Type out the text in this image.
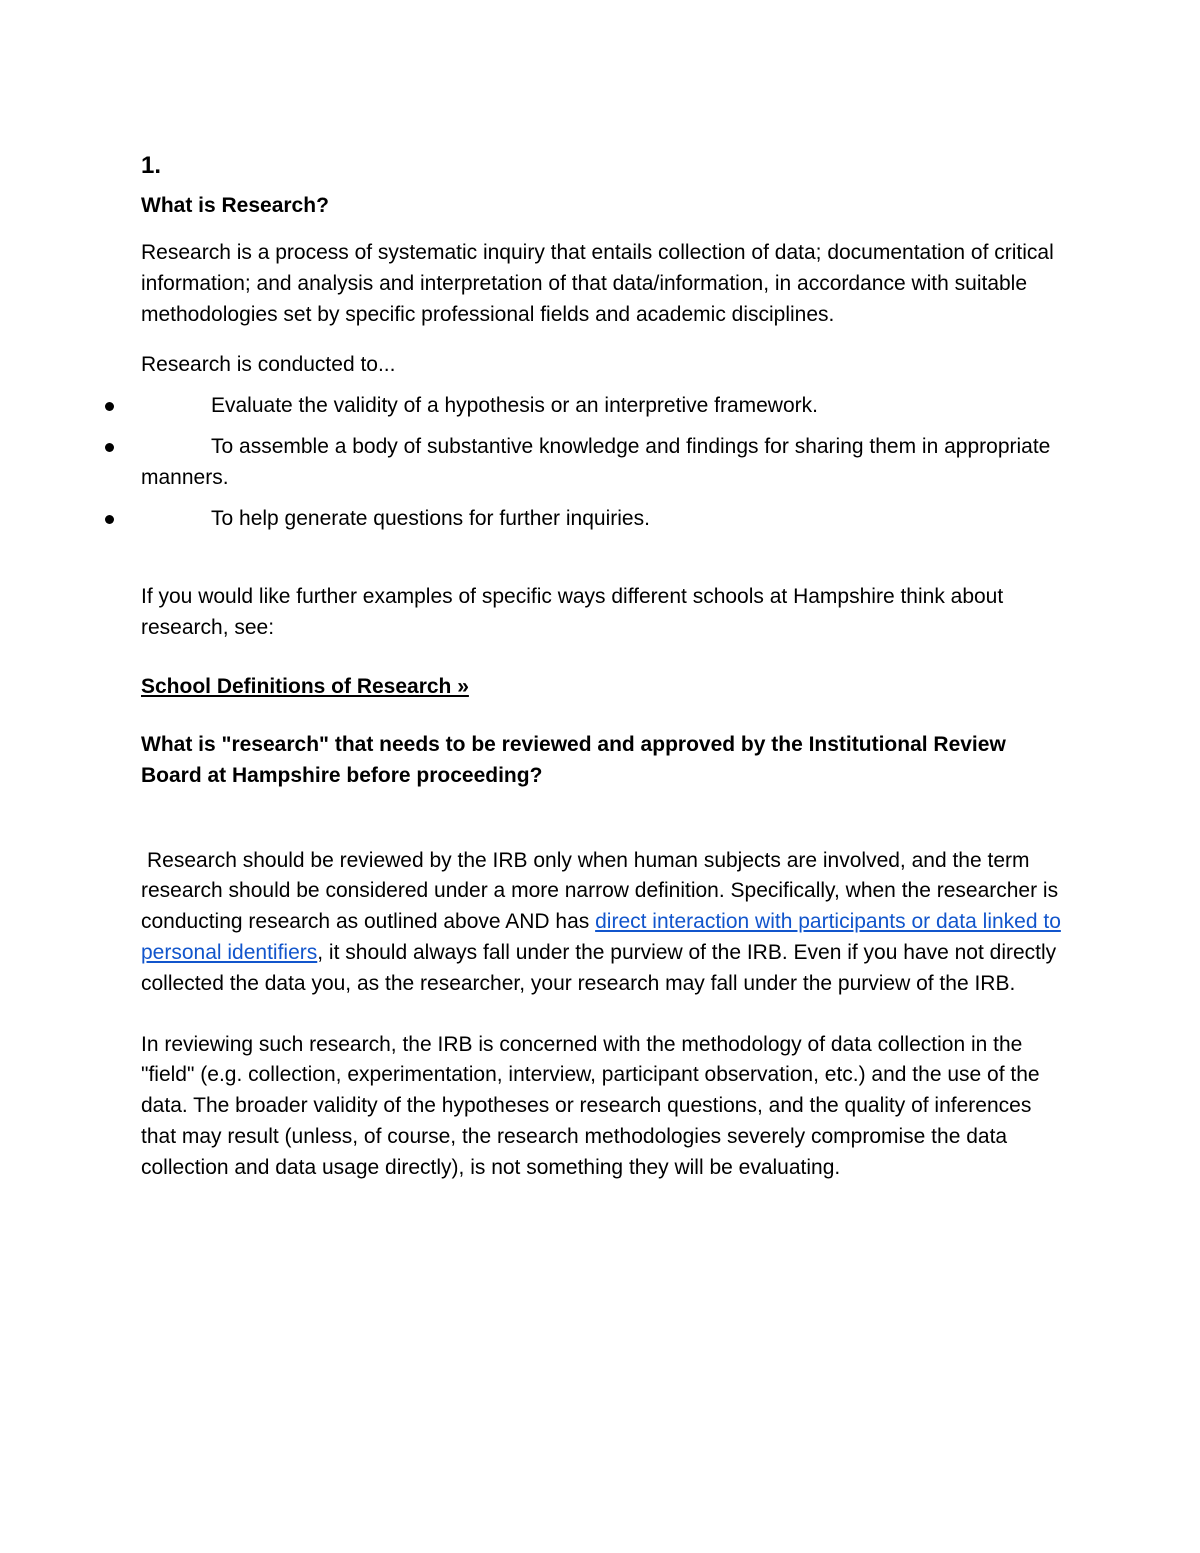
1.
What is Research?

Research is a process of systematic inquiry that entails collection of data; documentation of critical information; and analysis and interpretation of that data/information, in accordance with suitable methodologies set by specific professional fields and academic disciplines.

Research is conducted to...

Evaluate the validity of a hypothesis or an interpretive framework.
To assemble a body of substantive knowledge and findings for sharing them in appropriate manners.
To help generate questions for further inquiries.

If you would like further examples of specific ways different schools at Hampshire think about research, see:

School Definitions of Research »
What is "research" that needs to be reviewed and approved by the Institutional Review Board at Hampshire before proceeding?

Research should be reviewed by the IRB only when human subjects are involved, and the term research should be considered under a more narrow definition. Specifically, when the researcher is conducting research as outlined above AND has direct interaction with participants or data linked to personal identifiers, it should always fall under the purview of the IRB. Even if you have not directly collected the data you, as the researcher, your research may fall under the purview of the IRB.

In reviewing such research, the IRB is concerned with the methodology of data collection in the "field" (e.g. collection, experimentation, interview, participant observation, etc.) and the use of the data. The broader validity of the hypotheses or research questions, and the quality of inferences that may result (unless, of course, the research methodologies severely compromise the data collection and data usage directly), is not something they will be evaluating.
